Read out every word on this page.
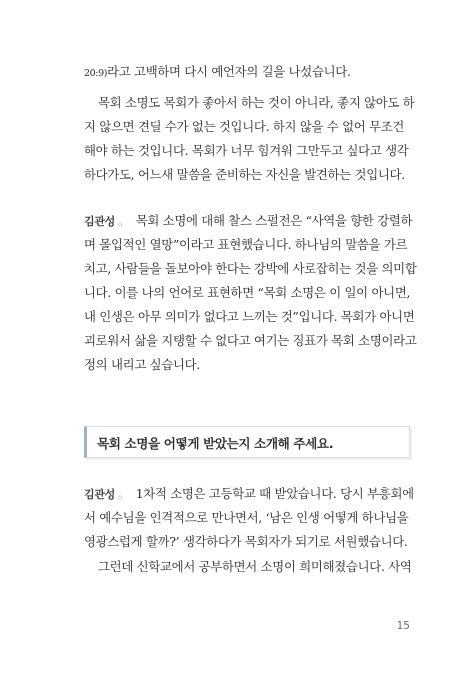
20:9)라고 고백하며 다시 예언자의 길을 나섰습니다.
목회 소명도 목회가 좋아서 하는 것이 아니라, 좋지 않아도 하
지 않으면 견딜 수가 없는 것입니다. 하지 않을 수 없어 무조건
해야 하는 것입니다. 목회가 너무 힘겨워 그만두고 싶다고 생각
하다가도, 어느새 말씀을 준비하는 자신을 발견하는 것입니다.
김관성 。 목회 소명에 대해 찰스 스펄전은 “사역을 향한 강렬하
며 몰입적인 열망”이라고 표현했습니다. 하나님의 말씀을 가르
치고, 사람들을 돌보아야 한다는 강박에 사로잡히는 것을 의미합
니다. 이를 나의 언어로 표현하면 “목회 소명은 이 일이 아니면,
내 인생은 아무 의미가 없다고 느끼는 것”입니다. 목회가 아니면
괴로워서 삶을 지탱할 수 없다고 여기는 징표가 목회 소명이라고
정의 내리고 싶습니다.
목회 소명을 어떻게 받았는지 소개해 주세요.
김관성 。 1차적 소명은 고등학교 때 받았습니다. 당시 부흥회에
서 예수님을 인격적으로 만나면서, ‘남은 인생 어떻게 하나님을
영광스럽게 할까?’ 생각하다가 목회자가 되기로 서원했습니다.
그런데 신학교에서 공부하면서 소명이 희미해졌습니다. 사역
15
